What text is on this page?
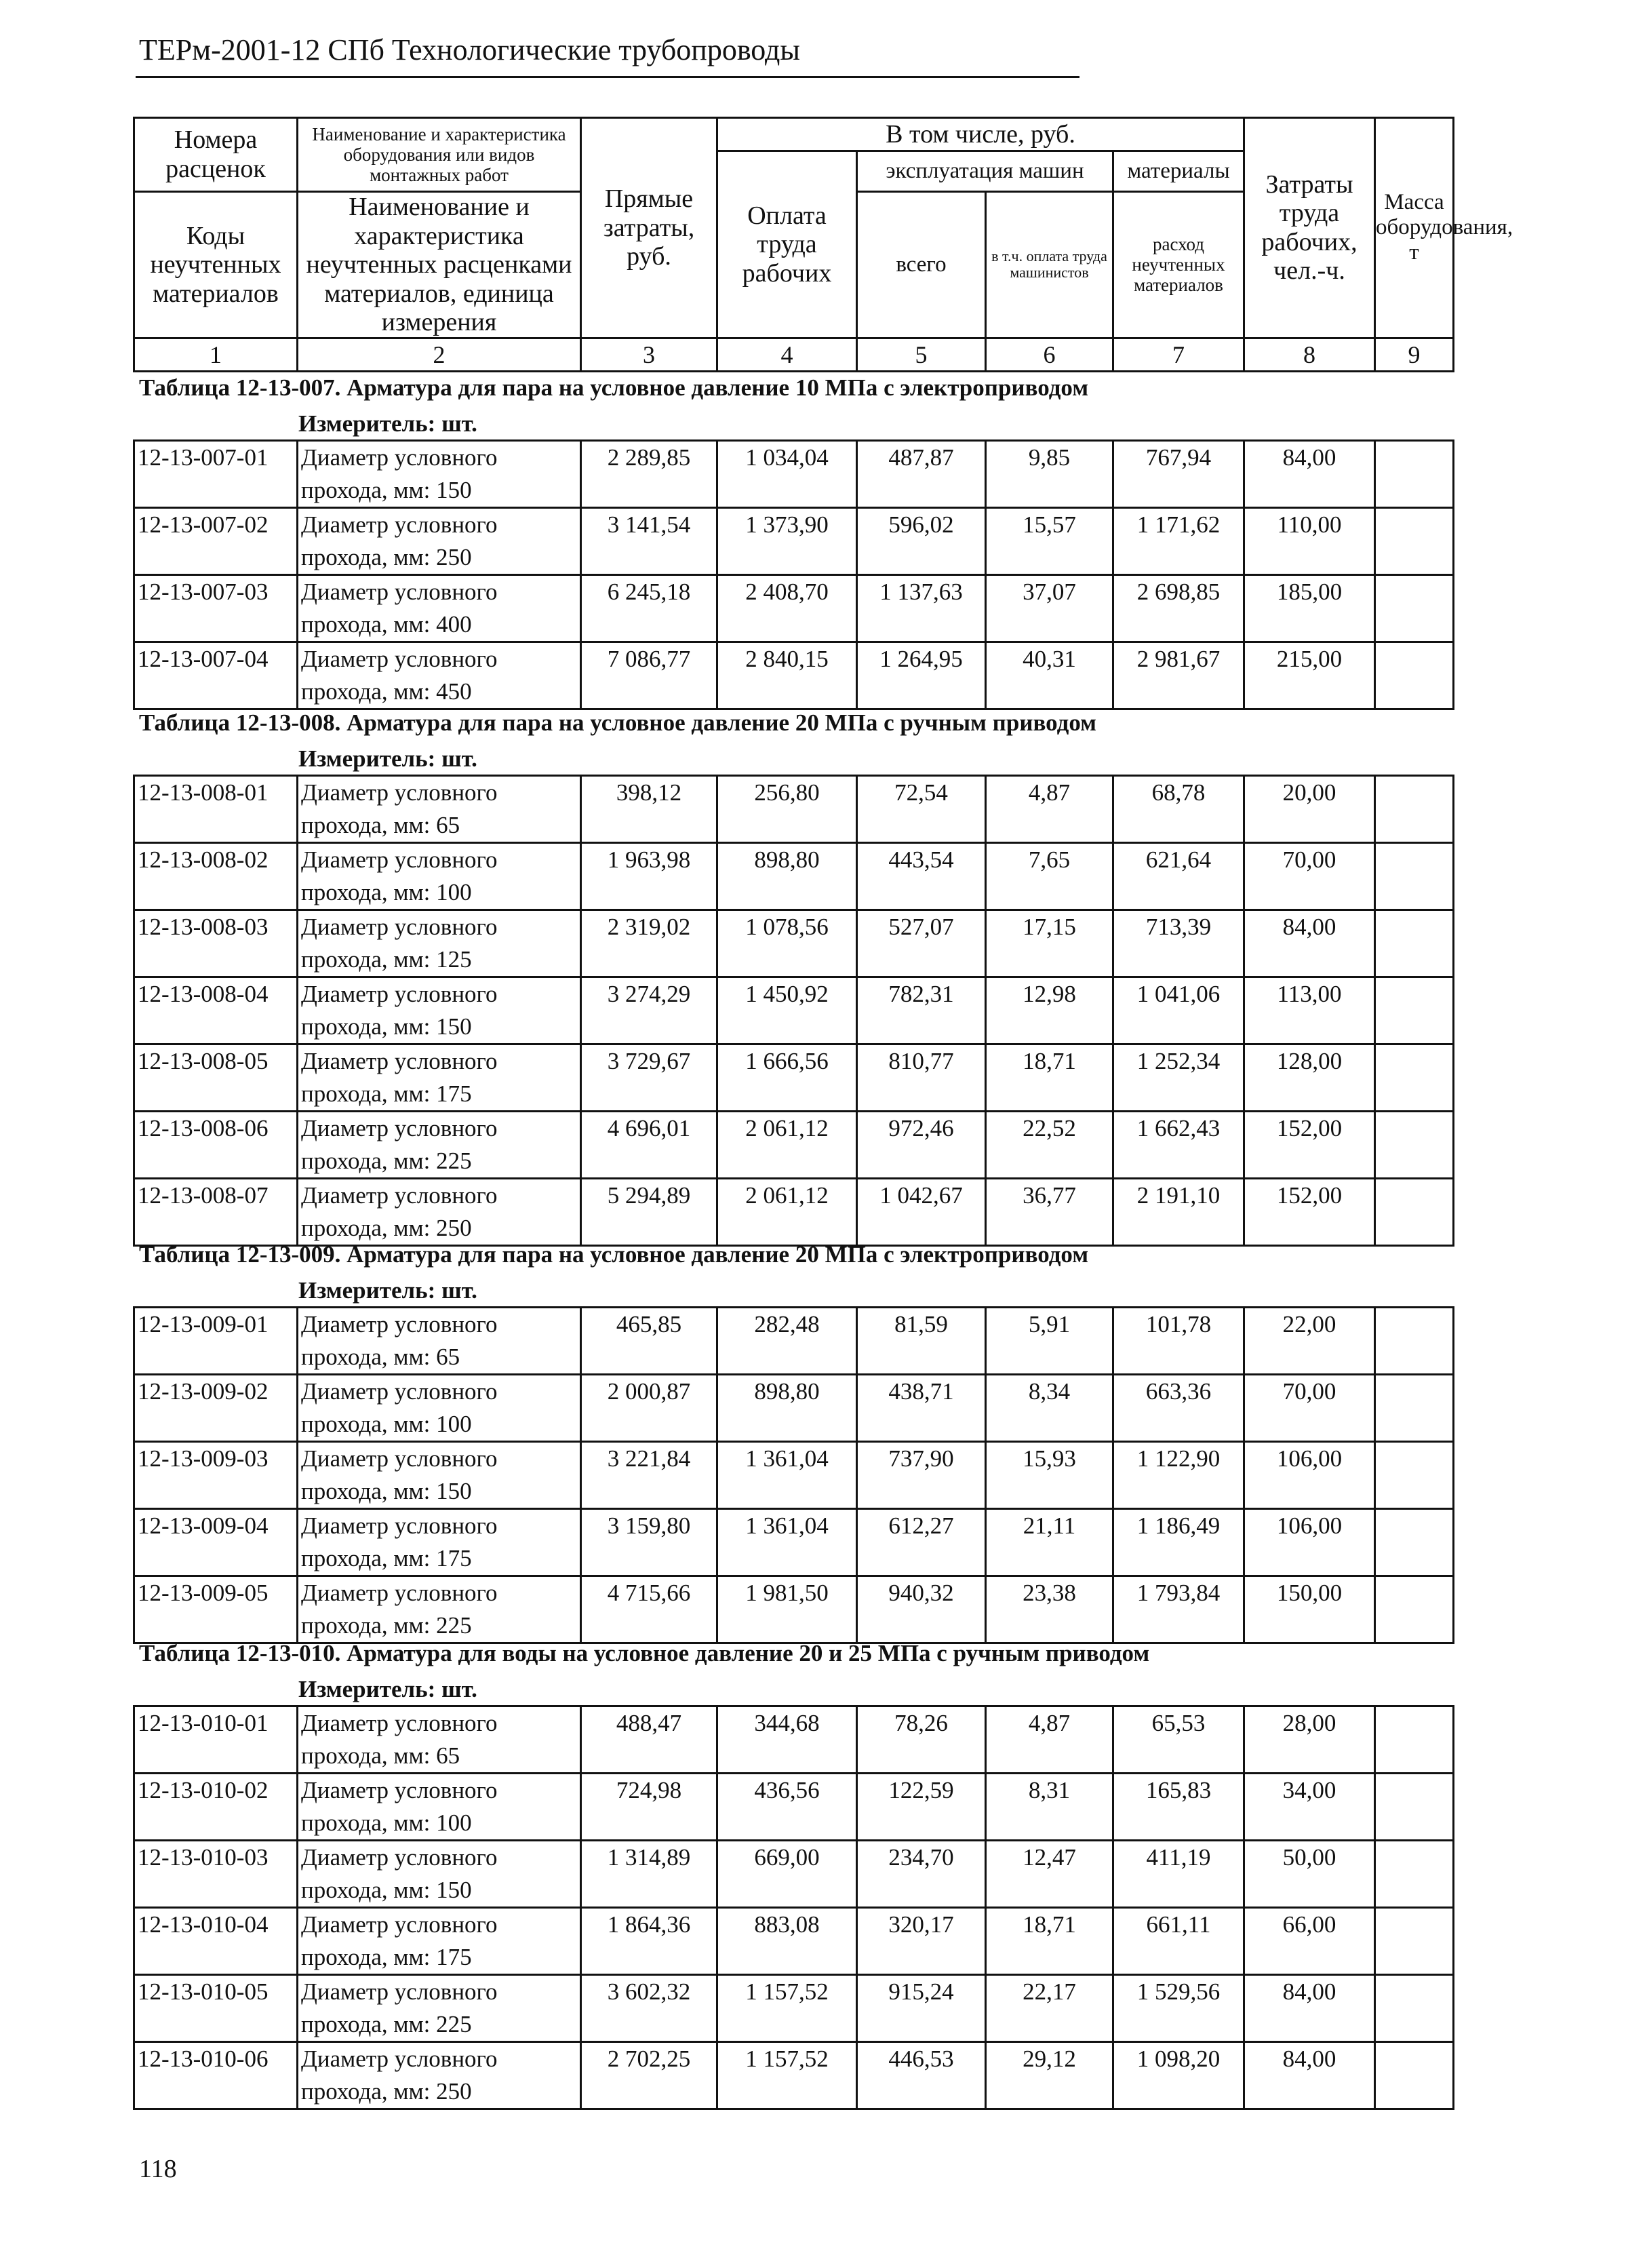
ТЕРм-2001-12 СПб Технологические трубопроводы
Номера расценок	Наименование и характеристика оборудования или видов монтажных работ	Прямые затраты, руб.	В том числе, руб.				Затраты труда рабочих, чел.-ч.	Масса оборудования, т
			Оплата труда рабочих	эксплуатация машин		материалы		
Коды неучтенных материалов	Наименование и характеристика неучтенных расценками материалов, единица измерения			всего	в т.ч. оплата труда машинистов	расход неучтенных материалов		

1	2	3	4	5	6	7	8	9
Таблица 12-13-007. Арматура для пара на условное давление 10 МПа с электроприводом
Измеритель: шт.
12-13-007-01	Диаметр условного
прохода, мм: 150	2 289,85	1 034,04	487,87	9,85	767,94	84,00	
12-13-007-02	Диаметр условного
прохода, мм: 250	3 141,54	1 373,90	596,02	15,57	1 171,62	110,00	
12-13-007-03	Диаметр условного
прохода, мм: 400	6 245,18	2 408,70	1 137,63	37,07	2 698,85	185,00	
12-13-007-04	Диаметр условного
прохода, мм: 450	7 086,77	2 840,15	1 264,95	40,31	2 981,67	215,00	
Таблица 12-13-008. Арматура для пара на условное давление 20 МПа с ручным приводом
Измеритель: шт.
12-13-008-01	Диаметр условного
прохода, мм: 65	398,12	256,80	72,54	4,87	68,78	20,00	
12-13-008-02	Диаметр условного
прохода, мм: 100	1 963,98	898,80	443,54	7,65	621,64	70,00	
12-13-008-03	Диаметр условного
прохода, мм: 125	2 319,02	1 078,56	527,07	17,15	713,39	84,00	
12-13-008-04	Диаметр условного
прохода, мм: 150	3 274,29	1 450,92	782,31	12,98	1 041,06	113,00	
12-13-008-05	Диаметр условного
прохода, мм: 175	3 729,67	1 666,56	810,77	18,71	1 252,34	128,00	
12-13-008-06	Диаметр условного
прохода, мм: 225	4 696,01	2 061,12	972,46	22,52	1 662,43	152,00	
12-13-008-07	Диаметр условного
прохода, мм: 250	5 294,89	2 061,12	1 042,67	36,77	2 191,10	152,00	
Таблица 12-13-009. Арматура для пара на условное давление 20 МПа с электроприводом
Измеритель: шт.
12-13-009-01	Диаметр условного
прохода, мм: 65	465,85	282,48	81,59	5,91	101,78	22,00	
12-13-009-02	Диаметр условного
прохода, мм: 100	2 000,87	898,80	438,71	8,34	663,36	70,00	
12-13-009-03	Диаметр условного
прохода, мм: 150	3 221,84	1 361,04	737,90	15,93	1 122,90	106,00	
12-13-009-04	Диаметр условного
прохода, мм: 175	3 159,80	1 361,04	612,27	21,11	1 186,49	106,00	
12-13-009-05	Диаметр условного
прохода, мм: 225	4 715,66	1 981,50	940,32	23,38	1 793,84	150,00	
Таблица 12-13-010. Арматура для воды на условное давление 20 и 25 МПа с ручным приводом
Измеритель: шт.
12-13-010-01	Диаметр условного
прохода, мм: 65	488,47	344,68	78,26	4,87	65,53	28,00	
12-13-010-02	Диаметр условного
прохода, мм: 100	724,98	436,56	122,59	8,31	165,83	34,00	
12-13-010-03	Диаметр условного
прохода, мм: 150	1 314,89	669,00	234,70	12,47	411,19	50,00	
12-13-010-04	Диаметр условного
прохода, мм: 175	1 864,36	883,08	320,17	18,71	661,11	66,00	
12-13-010-05	Диаметр условного
прохода, мм: 225	3 602,32	1 157,52	915,24	22,17	1 529,56	84,00	
12-13-010-06	Диаметр условного
прохода, мм: 250	2 702,25	1 157,52	446,53	29,12	1 098,20	84,00	
118
